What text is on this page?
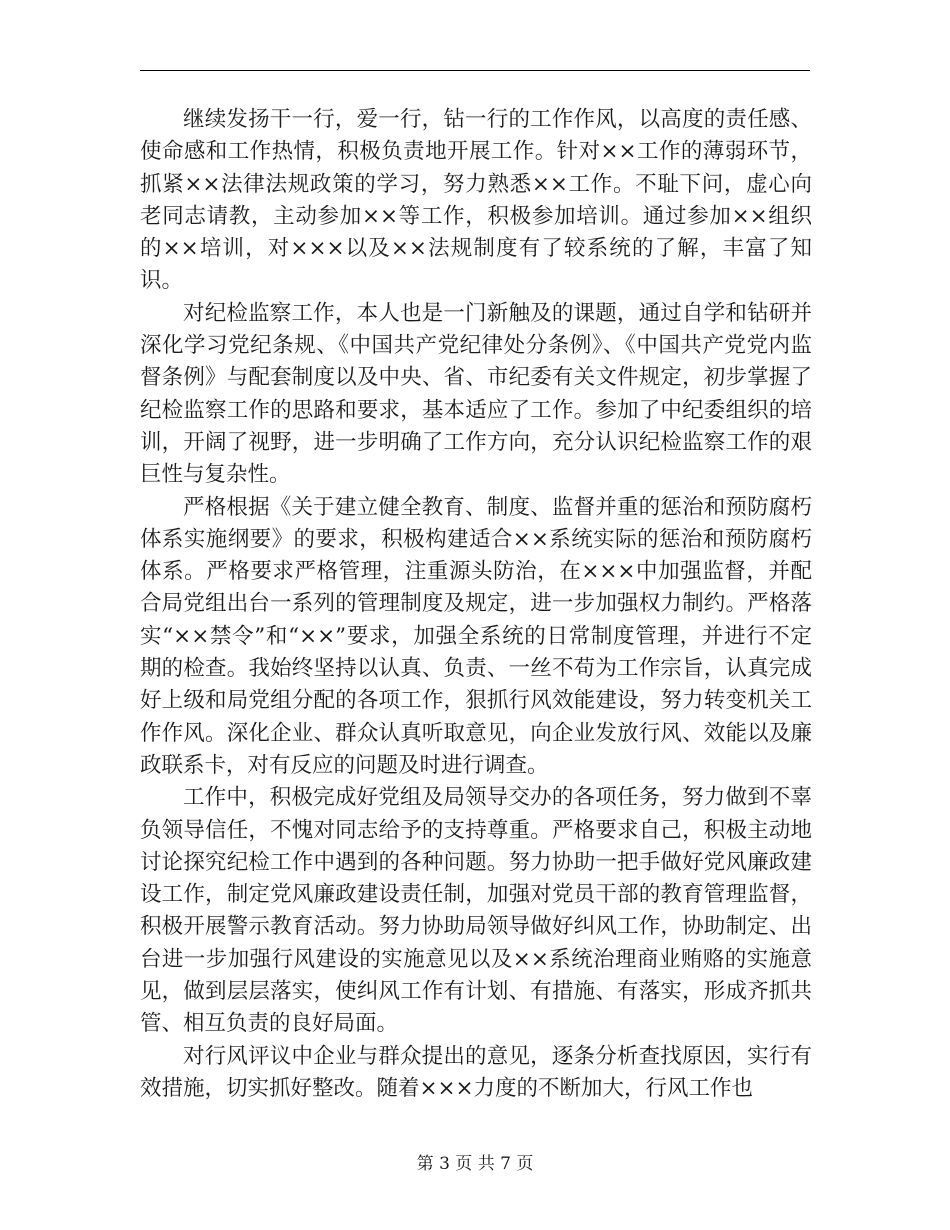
继续发扬干一行，爱一行，钻一行的工作作风，以高度的责任感、使命感和工作热情，积极负责地开展工作。针对××工作的薄弱环节，抓紧××法律法规政策的学习，努力熟悉××工作。不耻下问，虚心向老同志请教，主动参加××等工作，积极参加培训。通过参加××组织的××培训，对×××以及××法规制度有了较系统的了解，丰富了知识。

对纪检监察工作，本人也是一门新触及的课题，通过自学和钻研并深化学习党纪条规、《中国共产党纪律处分条例》、《中国共产党党内监督条例》与配套制度以及中央、省、市纪委有关文件规定，初步掌握了纪检监察工作的思路和要求，基本适应了工作。参加了中纪委组织的培训，开阔了视野，进一步明确了工作方向，充分认识纪检监察工作的艰巨性与复杂性。

严格根据《关于建立健全教育、制度、监督并重的惩治和预防腐朽体系实施纲要》的要求，积极构建适合××系统实际的惩治和预防腐朽体系。严格要求严格管理，注重源头防治，在×××中加强监督，并配合局党组出台一系列的管理制度及规定，进一步加强权力制约。严格落实“××禁令”和“××”要求，加强全系统的日常制度管理，并进行不定期的检查。我始终坚持以认真、负责、一丝不苟为工作宗旨，认真完成好上级和局党组分配的各项工作，狠抓行风效能建设，努力转变机关工作作风。深化企业、群众认真听取意见，向企业发放行风、效能以及廉政联系卡，对有反应的问题及时进行调查。

工作中，积极完成好党组及局领导交办的各项任务，努力做到不辜负领导信任，不愧对同志给予的支持尊重。严格要求自己，积极主动地讨论探究纪检工作中遇到的各种问题。努力协助一把手做好党风廉政建设工作，制定党风廉政建设责任制，加强对党员干部的教育管理监督，积极开展警示教育活动。努力协助局领导做好纠风工作，协助制定、出台进一步加强行风建设的实施意见以及××系统治理商业贿赂的实施意见，做到层层落实，使纠风工作有计划、有措施、有落实，形成齐抓共管、相互负责的良好局面。

对行风评议中企业与群众提出的意见，逐条分析查找原因，实行有效措施，切实抓好整改。随着×××力度的不断加大，行风工作也

第 3 页 共 7 页
